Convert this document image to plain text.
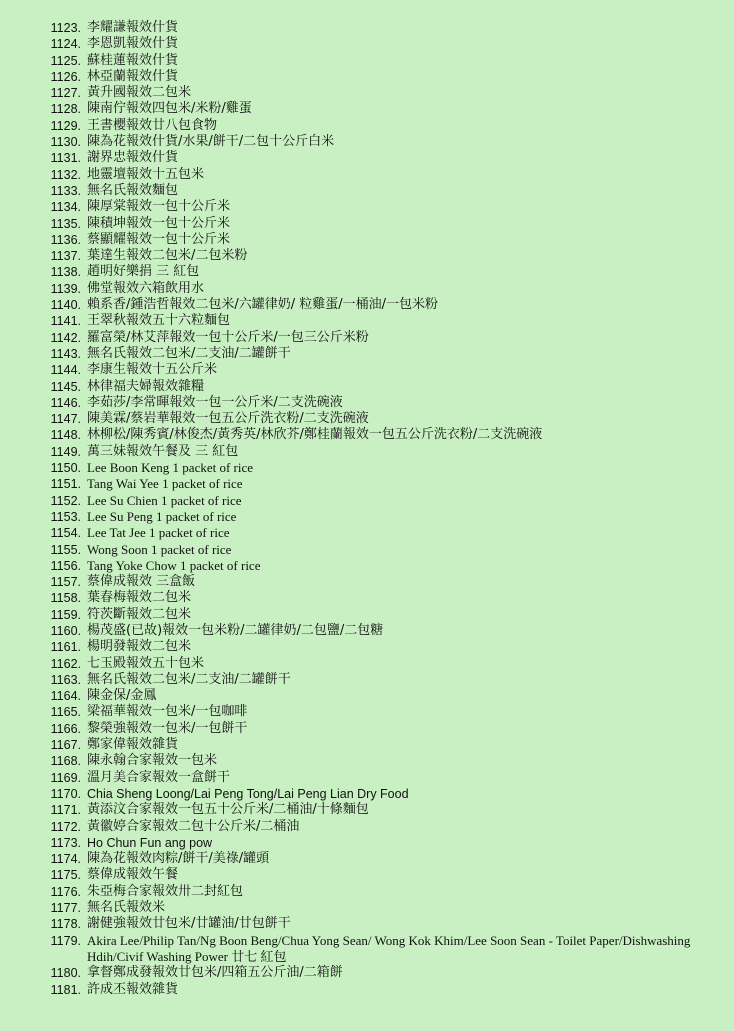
1123. 李耀謙報效什貨
1124. 李恩凱報效什貨
1125. 蘇桂蓮報效什貨
1126. 林亞蘭報效什貨
1127. 黃升國報效二包米
1128. 陳南佇報效四包米/米粉/雞蛋
1129. 王書櫻報效廿八包食物
1130. 陳為花報效什貨/水果/餅干/二包十公斤白米
1131. 謝界忠報效什貨
1132. 地靈壇報效十五包米
1133. 無名氏報效麵包
1134. 陳厚棠報效一包十公斤米
1135. 陳積坤報效一包十公斤米
1136. 蔡顯耀報效一包十公斤米
1137. 葉達生報效二包米/二包米粉
1138. 趙明好樂捐 三 紅包
1139. 佛堂報效六箱飲用水
1140. 賴系香/鍾浩哲報效二包米/六罐律奶/ 粒雞蛋/一桶油/一包米粉
1141. 王翠秋報效五十六粒麵包
1142. 羅富榮/林艾萍報效一包十公斤米/一包三公斤米粉
1143. 無名氏報效二包米/二支油/二罐餅干
1144. 李康生報效十五公斤米
1145. 林律福夫婦報效雜糧
1146. 李茹莎/李常暉報效一包一公斤米/二支洗碗液
1147. 陳美霖/蔡岩華報效一包五公斤洗衣粉/二支洗碗液
1148. 林柳松/陳秀賓/林俊杰/黃秀英/林欣芥/鄭桂蘭報效一包五公斤洗衣粉/二支洗碗液
1149. 萬三妹報效午餐及 三 紅包
1150. Lee Boon Keng 1 packet of rice
1151. Tang Wai Yee 1 packet of rice
1152. Lee Su Chien 1 packet of rice
1153. Lee Su Peng 1 packet of rice
1154. Lee Tat Jee 1 packet of rice
1155. Wong Soon 1 packet of rice
1156. Tang Yoke Chow 1 packet of rice
1157. 蔡偉成報效 三盒飯
1158. 葉春梅報效二包米
1159. 符茨斷報效二包米
1160. 楊茂盛(已故)報效一包米粉/二罐律奶/二包鹽/二包糖
1161. 楊明發報效二包米
1162. 七玉殿報效五十包米
1163. 無名氏報效二包米/二支油/二罐餅干
1164. 陳金保/金鳳
1165. 梁福華報效一包米/一包咖啡
1166. 黎榮強報效一包米/一包餅干
1167. 鄭家偉報效雜貨
1168. 陳永翰合家報效一包米
1169. 溫月美合家報效一盒餅干
1170. Chia Sheng Loong/Lai Peng Tong/Lai Peng Lian Dry Food
1171. 黃添汶合家報效一包五十公斤米/二桶油/十條麵包
1172. 黃徽婷合家報效二包十公斤米/二桶油
1173. Ho Chun Fun ang pow
1174. 陳為花報效肉粽/餅干/美祿/罐頭
1175. 蔡偉成報效午餐
1176. 朱亞梅合家報效卅二封紅包
1177. 無名氏報效米
1178. 謝健強報效廿包米/廿罐油/廿包餅干
1179. Akira Lee/Philip Tan/Ng Boon Beng/Chua Yong Sean/ Wong Kok Khim/Lee Soon Sean - Toilet Paper/Dishwashing Hdih/Civif Washing Power 廿七 紅包
1180. 拿督鄭成發報效廿包米/四箱五公斤油/二箱餅
1181. 許成丕報效雜貨
